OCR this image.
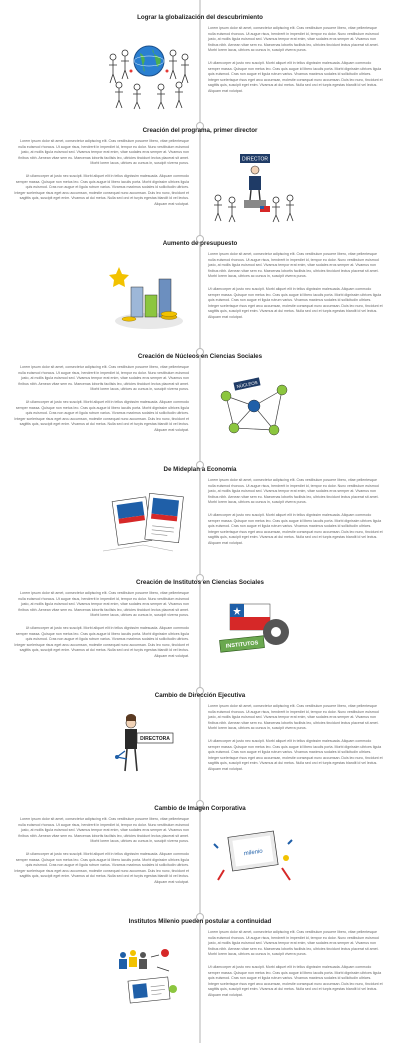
Lograr la globalización del descubrimiento

Lorem ipsum dolor sit amet, consectetur adipiscing elit. Cras vestibulum posuere libero, vitae pellentesque nulla euismod rhoncus. Ut augue risus, hendrerit in imperdiet id, tempor eu dolor. Nunc vestibulum euismod justo, at mollis ligula euismod sed. Vivamus tempor erat enim, vitae sodales eros semper at. Vivamus non finibus nibh. Aenean vitae sem eu. Maecenas lobortis facilisis leo, ultricies tincidunt lectus placerat sit amet. Morbi lorem lacus, ultrices ac cursus in, suscipit viverra purus.

Ut ullamcorper at justo nec suscipit. Morbi aliquet elit in tellus dignissim malesuada. Aliquam commodo semper massa. Quisque non metus leo. Cras quis augue id libero iaculis porta. Morbi dignissim ultrices ligula quis euismod. Cras non augue et ligula rutrum varius. Vivamus maximus sodales id sollicitudin ultrices. Integer scelerisque risus eget arcu accumsan, molestie consequat nunc accumsan. Duis leo nunc, tincidunt et sagittis quis, suscipit eget enim. Vivamus at dui metus. Nulla sed orci et turpis egestas blandit id vel lectus. Aliquam erat volutpat.

Creación del programa, primer director

Lorem ipsum dolor sit amet, consectetur adipiscing elit. Cras vestibulum posuere libero, vitae pellentesque nulla euismod rhoncus. Ut augue risus, hendrerit in imperdiet id, tempor eu dolor. Nunc vestibulum euismod justo, at mollis ligula euismod sed. Vivamus tempor erat enim, vitae sodales eros semper at. Vivamus non finibus nibh. Aenean vitae sem eu. Maecenas lobortis facilisis leo, ultricies tincidunt lectus placerat sit amet. Morbi lorem lacus, ultrices ac cursus in, suscipit viverra purus.

Ut ullamcorper at justo nec suscipit. Morbi aliquet elit in tellus dignissim malesuada. Aliquam commodo semper massa. Quisque non metus leo. Cras quis augue id libero iaculis porta. Morbi dignissim ultrices ligula quis euismod. Cras non augue et ligula rutrum varius. Vivamus maximus sodales id sollicitudin ultrices. Integer scelerisque risus eget arcu accumsan, molestie consequat nunc accumsan. Duis leo nunc, tincidunt et sagittis quis, suscipit eget enim. Vivamus at dui metus. Nulla sed orci et turpis egestas blandit id vel lectus. Aliquam erat volutpat.

DIRECTOR
Aumento de presupuesto

Lorem ipsum dolor sit amet, consectetur adipiscing elit. Cras vestibulum posuere libero, vitae pellentesque nulla euismod rhoncus. Ut augue risus, hendrerit in imperdiet id, tempor eu dolor. Nunc vestibulum euismod justo, at mollis ligula euismod sed. Vivamus tempor erat enim, vitae sodales eros semper at. Vivamus non finibus nibh. Aenean vitae sem eu. Maecenas lobortis facilisis leo, ultricies tincidunt lectus placerat sit amet. Morbi lorem lacus, ultrices ac cursus in, suscipit viverra purus.

Ut ullamcorper at justo nec suscipit. Morbi aliquet elit in tellus dignissim malesuada. Aliquam commodo semper massa. Quisque non metus leo. Cras quis augue id libero iaculis porta. Morbi dignissim ultrices ligula quis euismod. Cras non augue et ligula rutrum varius. Vivamus maximus sodales id sollicitudin ultrices. Integer scelerisque risus eget arcu accumsan, molestie consequat nunc accumsan. Duis leo nunc, tincidunt et sagittis quis, suscipit eget enim. Vivamus at dui metus. Nulla sed orci et turpis egestas blandit id vel lectus. Aliquam erat volutpat.

Creación de Núcleos en Ciencias Sociales

Lorem ipsum dolor sit amet, consectetur adipiscing elit. Cras vestibulum posuere libero, vitae pellentesque nulla euismod rhoncus. Ut augue risus, hendrerit in imperdiet id, tempor eu dolor. Nunc vestibulum euismod justo, at mollis ligula euismod sed. Vivamus tempor erat enim, vitae sodales eros semper at. Vivamus non finibus nibh. Aenean vitae sem eu. Maecenas lobortis facilisis leo, ultricies tincidunt lectus placerat sit amet. Morbi lorem lacus, ultrices ac cursus in, suscipit viverra purus.

Ut ullamcorper at justo nec suscipit. Morbi aliquet elit in tellus dignissim malesuada. Aliquam commodo semper massa. Quisque non metus leo. Cras quis augue id libero iaculis porta. Morbi dignissim ultrices ligula quis euismod. Cras non augue et ligula rutrum varius. Vivamus maximus sodales id sollicitudin ultrices. Integer scelerisque risus eget arcu accumsan, molestie consequat nunc accumsan. Duis leo nunc, tincidunt et sagittis quis, suscipit eget enim. Vivamus at dui metus. Nulla sed orci et turpis egestas blandit id vel lectus. Aliquam erat volutpat.

NÚCLEOS
De Mideplan a Economía

Lorem ipsum dolor sit amet, consectetur adipiscing elit. Cras vestibulum posuere libero, vitae pellentesque nulla euismod rhoncus. Ut augue risus, hendrerit in imperdiet id, tempor eu dolor. Nunc vestibulum euismod justo, at mollis ligula euismod sed. Vivamus tempor erat enim, vitae sodales eros semper at. Vivamus non finibus nibh. Aenean vitae sem eu. Maecenas lobortis facilisis leo, ultricies tincidunt lectus placerat sit amet. Morbi lorem lacus, ultrices ac cursus in, suscipit viverra purus.

Ut ullamcorper at justo nec suscipit. Morbi aliquet elit in tellus dignissim malesuada. Aliquam commodo semper massa. Quisque non metus leo. Cras quis augue id libero iaculis porta. Morbi dignissim ultrices ligula quis euismod. Cras non augue et ligula rutrum varius. Vivamus maximus sodales id sollicitudin ultrices. Integer scelerisque risus eget arcu accumsan, molestie consequat nunc accumsan. Duis leo nunc, tincidunt et sagittis quis, suscipit eget enim. Vivamus at dui metus. Nulla sed orci et turpis egestas blandit id vel lectus. Aliquam erat volutpat.

Creación de Institutos en Ciencias Sociales

Lorem ipsum dolor sit amet, consectetur adipiscing elit. Cras vestibulum posuere libero, vitae pellentesque nulla euismod rhoncus. Ut augue risus, hendrerit in imperdiet id, tempor eu dolor. Nunc vestibulum euismod justo, at mollis ligula euismod sed. Vivamus tempor erat enim, vitae sodales eros semper at. Vivamus non finibus nibh. Aenean vitae sem eu. Maecenas lobortis facilisis leo, ultricies tincidunt lectus placerat sit amet. Morbi lorem lacus, ultrices ac cursus in, suscipit viverra purus.

Ut ullamcorper at justo nec suscipit. Morbi aliquet elit in tellus dignissim malesuada. Aliquam commodo semper massa. Quisque non metus leo. Cras quis augue id libero iaculis porta. Morbi dignissim ultrices ligula quis euismod. Cras non augue et ligula rutrum varius. Vivamus maximus sodales id sollicitudin ultrices. Integer scelerisque risus eget arcu accumsan, molestie consequat nunc accumsan. Duis leo nunc, tincidunt et sagittis quis, suscipit eget enim. Vivamus at dui metus. Nulla sed orci et turpis egestas blandit id vel lectus. Aliquam erat volutpat.

INSTITUTOS
Cambio de Dirección Ejecutiva
DIRECTORA

Lorem ipsum dolor sit amet, consectetur adipiscing elit. Cras vestibulum posuere libero, vitae pellentesque nulla euismod rhoncus. Ut augue risus, hendrerit in imperdiet id, tempor eu dolor. Nunc vestibulum euismod justo, at mollis ligula euismod sed. Vivamus tempor erat enim, vitae sodales eros semper at. Vivamus non finibus nibh. Aenean vitae sem eu. Maecenas lobortis facilisis leo, ultricies tincidunt lectus placerat sit amet. Morbi lorem lacus, ultrices ac cursus in, suscipit viverra purus.

Ut ullamcorper at justo nec suscipit. Morbi aliquet elit in tellus dignissim malesuada. Aliquam commodo semper massa. Quisque non metus leo. Cras quis augue id libero iaculis porta. Morbi dignissim ultrices ligula quis euismod. Cras non augue et ligula rutrum varius. Vivamus maximus sodales id sollicitudin ultrices. Integer scelerisque risus eget arcu accumsan, molestie consequat nunc accumsan. Duis leo nunc, tincidunt et sagittis quis, suscipit eget enim. Vivamus at dui metus. Nulla sed orci et turpis egestas blandit id vel lectus. Aliquam erat volutpat.

Cambio de Imagen Corporativa

Lorem ipsum dolor sit amet, consectetur adipiscing elit. Cras vestibulum posuere libero, vitae pellentesque nulla euismod rhoncus. Ut augue risus, hendrerit in imperdiet id, tempor eu dolor. Nunc vestibulum euismod justo, at mollis ligula euismod sed. Vivamus tempor erat enim, vitae sodales eros semper at. Vivamus non finibus nibh. Aenean vitae sem eu. Maecenas lobortis facilisis leo, ultricies tincidunt lectus placerat sit amet. Morbi lorem lacus, ultrices ac cursus in, suscipit viverra purus.

Ut ullamcorper at justo nec suscipit. Morbi aliquet elit in tellus dignissim malesuada. Aliquam commodo semper massa. Quisque non metus leo. Cras quis augue id libero iaculis porta. Morbi dignissim ultrices ligula quis euismod. Cras non augue et ligula rutrum varius. Vivamus maximus sodales id sollicitudin ultrices. Integer scelerisque risus eget arcu accumsan, molestie consequat nunc accumsan. Duis leo nunc, tincidunt et sagittis quis, suscipit eget enim. Vivamus at dui metus. Nulla sed orci et turpis egestas blandit id vel lectus. Aliquam erat volutpat.

milenio
Institutos Milenio pueden postular a continuidad

Lorem ipsum dolor sit amet, consectetur adipiscing elit. Cras vestibulum posuere libero, vitae pellentesque nulla euismod rhoncus. Ut augue risus, hendrerit in imperdiet id, tempor eu dolor. Nunc vestibulum euismod justo, at mollis ligula euismod sed. Vivamus tempor erat enim, vitae sodales eros semper at. Vivamus non finibus nibh. Aenean vitae sem eu. Maecenas lobortis facilisis leo, ultricies tincidunt lectus placerat sit amet. Morbi lorem lacus, ultrices ac cursus in, suscipit viverra purus.

Ut ullamcorper at justo nec suscipit. Morbi aliquet elit in tellus dignissim malesuada. Aliquam commodo semper massa. Quisque non metus leo. Cras quis augue id libero iaculis porta. Morbi dignissim ultrices ligula quis euismod. Cras non augue et ligula rutrum varius. Vivamus maximus sodales id sollicitudin ultrices. Integer scelerisque risus eget arcu accumsan, molestie consequat nunc accumsan. Duis leo nunc, tincidunt et sagittis quis, suscipit eget enim. Vivamus at dui metus. Nulla sed orci et turpis egestas blandit id vel lectus. Aliquam erat volutpat.
